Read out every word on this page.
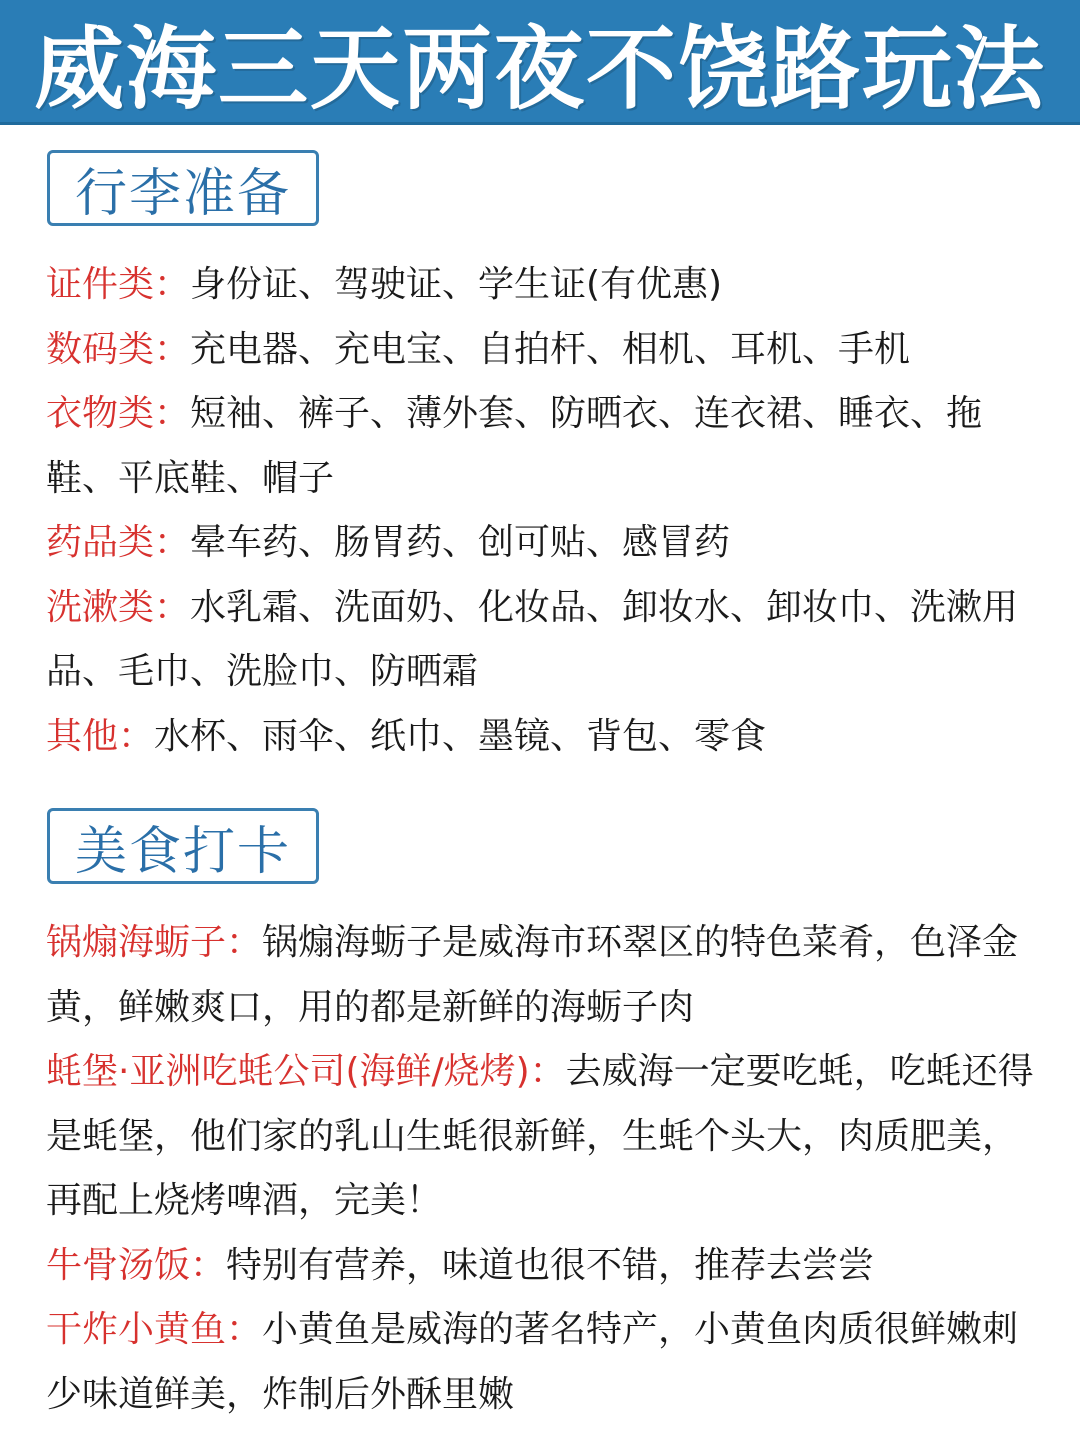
威海三天两夜不饶路玩法
行李准备

证件类：身份证、驾驶证、学生证(有优惠)

数码类：充电器、充电宝、自拍杆、相机、耳机、手机

衣物类：短袖、裤子、薄外套、防晒衣、连衣裙、睡衣、拖鞋、平底鞋、帽子

药品类：晕车药、肠胃药、创可贴、感冒药

洗漱类：水乳霜、洗面奶、化妆品、卸妆水、卸妆巾、洗漱用品、毛巾、洗脸巾、防晒霜

其他：水杯、雨伞、纸巾、墨镜、背包、零食

美食打卡

锅煽海蛎子：锅煽海蛎子是威海市环翠区的特色菜肴，色泽金黄，鲜嫩爽口，用的都是新鲜的海蛎子肉

蚝堡·亚洲吃蚝公司(海鲜/烧烤)：去威海一定要吃蚝，吃蚝还得是蚝堡，他们家的乳山生蚝很新鲜，生蚝个头大，肉质肥美，再配上烧烤啤酒，完美！

牛骨汤饭：特别有营养，味道也很不错，推荐去尝尝

干炸小黄鱼：小黄鱼是威海的著名特产，小黄鱼肉质很鲜嫩刺少味道鲜美，炸制后外酥里嫩
